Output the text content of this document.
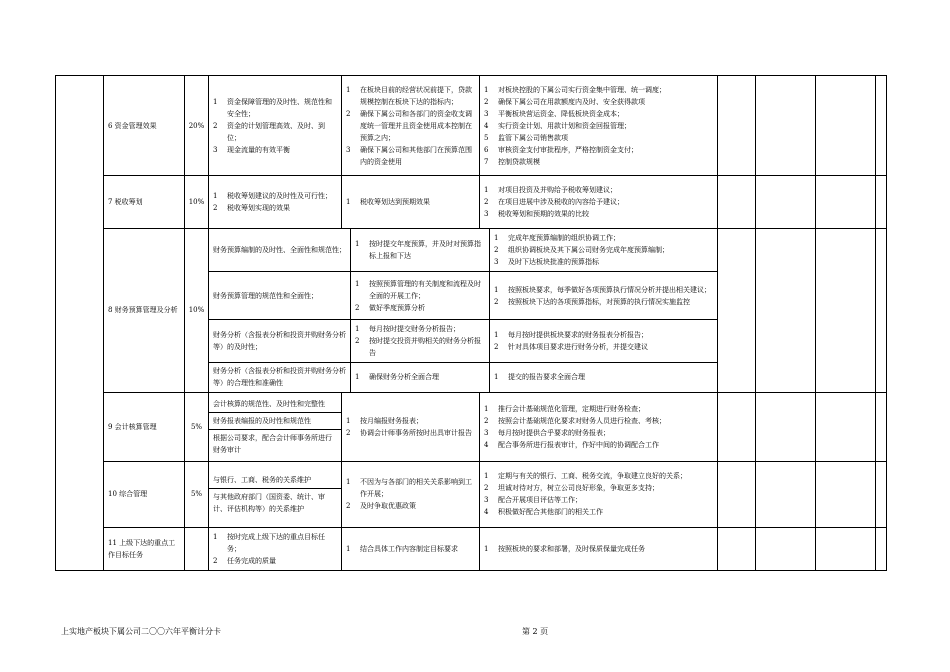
	6 资金管理效果	20%	
1	资金保障管理的及时性、规范性和安全性；
2	资金的计划管理高效、及时、到位；
3	现金流量的有效平衡

1	在板块目前的经营状况前提下，贷款规模控制在板块下达的指标内；
2	确保下属公司和各部门的资金收支调度统一管理并且资金使用成本控制在预算之内；
3	确保下属公司和其他部门在预算范围内的资金使用

1	对板块控股的下属公司实行资金集中管理、统一调度；
2	确保下属公司在用款额度内及时、安全获得款项
3	平衡板块营运资金、降低板块资金成本；
4	实行资金计划、用款计划和资金回报管理；
5	监管下属公司销售款项
6	审核资金支付审批程序，严格控制资金支付；
7	控制贷款规模

7 税收筹划	10%	
1	税收筹划建议的及时性及可行性；
2	税收筹划实现的效果

1	税收筹划达到预期效果

1	对项目投资及并购给予税收筹划建议；
2	在项目进展中涉及税收的內容给予建议；
3	税收筹划和预期的效果的比较

8 财务预算管理及分析	10%	
财务预算编制的及时性、全面性和规范性；	
1	按时提交年度预算，并及时对预算指标上报和下达

1	完成年度预算编制的组织协调工作；
2	组织协调板块及其下属公司财务完成年度预算编制；
3	及时下达板块批准的预算指标

财务预算管理的规范性和全面性；	
1	按照预算管理的有关制度和流程及时全面的开展工作；
2	做好季度预算分析

1	按照板块要求，每季做好各项预算执行情况分析并提出相关建议；
2	按照板块下达的各项预算指标，对预算的执行情况实施监控

财务分析（含报表分析和投资并购财务分析等）的及时性；	
1	每月按时提交财务分析报告；
2	按时提交投资并购相关的财务分析报告

1	每月按时提供板块要求的财务报表分析报告；
2	针对具体项目要求进行财务分析，并提交建议

财务分析（含报表分析和投资并购财务分析等）的合理性和准确性	
1	确保财务分析全面合理	1	提交的报告要求全面合理

9 会计核算管理	5%	
会计核算的规范性、及时性和完整性
财务报表编报的及时性和规范性
根据公司要求，配合会计师事务所进行财务审计

1	按月编报财务报表；
2	协调会计师事务所按时出具审计报告

1	推行会计基础规范化管理，定期进行财务检查；
2	按照会计基础规范化要求对财务人员进行检查、考核；
3	每月按时提供合乎要求的财务报表；
4	配合事务所进行报表审计，作好中间的协调配合工作

10 综合管理	5%	
与银行、工商、税务的关系维护
与其他政府部门（国资委、统计、审计、评估机构等）的关系维护

1	不因为与各部门的相关关系影响到工作开展；
2	及时争取优惠政策

1	定期与有关的银行、工商、税务交流，争取建立良好的关系；
2	坦诚对待对方，树立公司良好形象，争取更多支持；
3	配合开展项目评估等工作；
4	积极做好配合其他部门的相关工作

11 上级下达的重点工作目标任务		
1	按时完成上级下达的重点目标任务；
2	任务完成的质量

1	结合具体工作内容制定目标要求	1	按照板块的要求和部署，及时保质保量完成任务

上实地产板块下属公司二〇〇六年平衡计分卡	第 2 页
